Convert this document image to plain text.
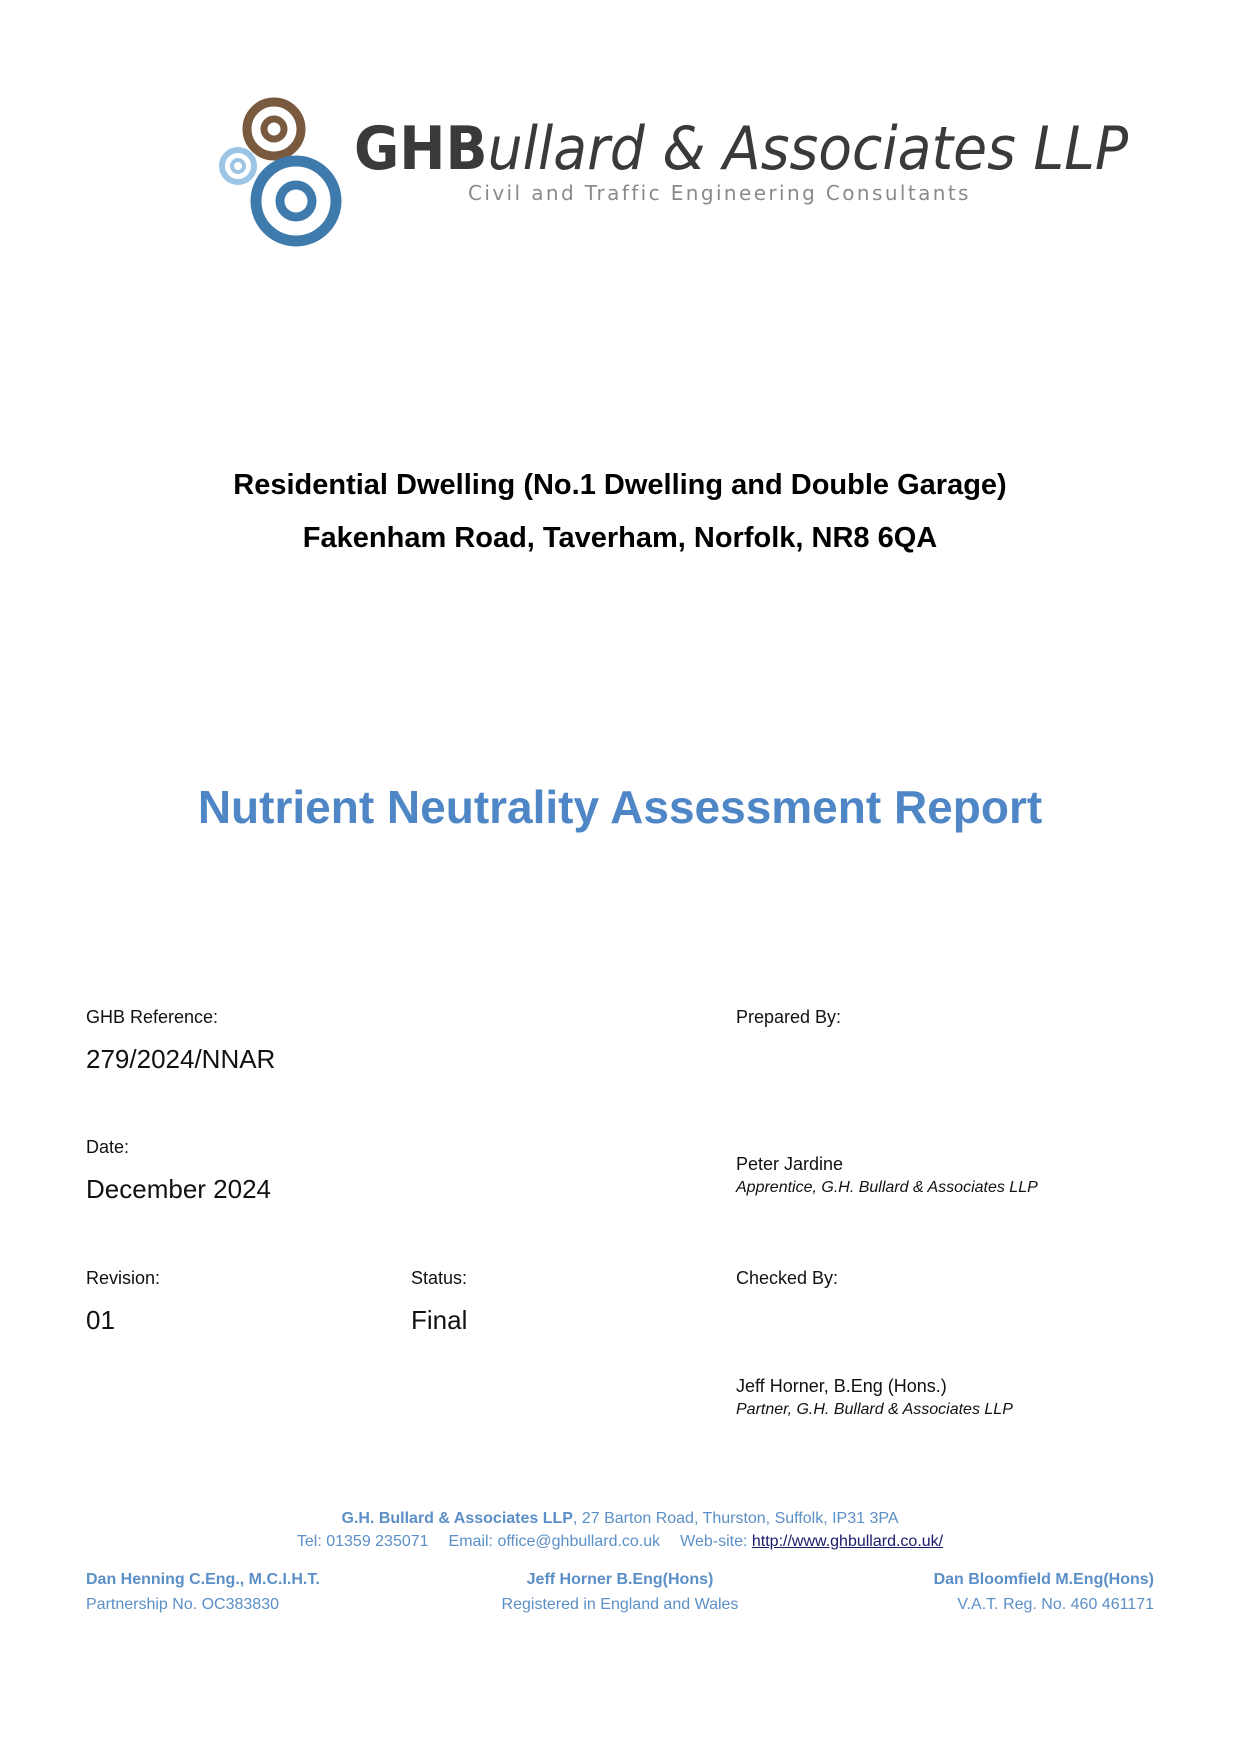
GHBullard & Associates LLP
Civil and Traffic Engineering Consultants
Residential Dwelling (No.1 Dwelling and Double Garage)
Fakenham Road, Taverham, Norfolk, NR8 6QA
Nutrient Neutrality Assessment Report
GHB Reference:
279/2024/NNAR
Date:
December 2024
Revision:
01
Status:
Final
Prepared By:
Peter Jardine
Apprentice, G.H. Bullard & Associates LLP
Checked By:
Jeff Horner, B.Eng (Hons.)
Partner, G.H. Bullard & Associates LLP
G.H. Bullard & Associates LLP, 27 Barton Road, Thurston, Suffolk, IP31 3PA
Tel: 01359 235071 Email: office@ghbullard.co.uk Web-site: http://www.ghbullard.co.uk/
Dan Henning C.Eng., M.C.I.H.T.
Partnership No. OC383830
Jeff Horner B.Eng(Hons)
Registered in England and Wales
Dan Bloomfield M.Eng(Hons)
V.A.T. Reg. No. 460 461171
